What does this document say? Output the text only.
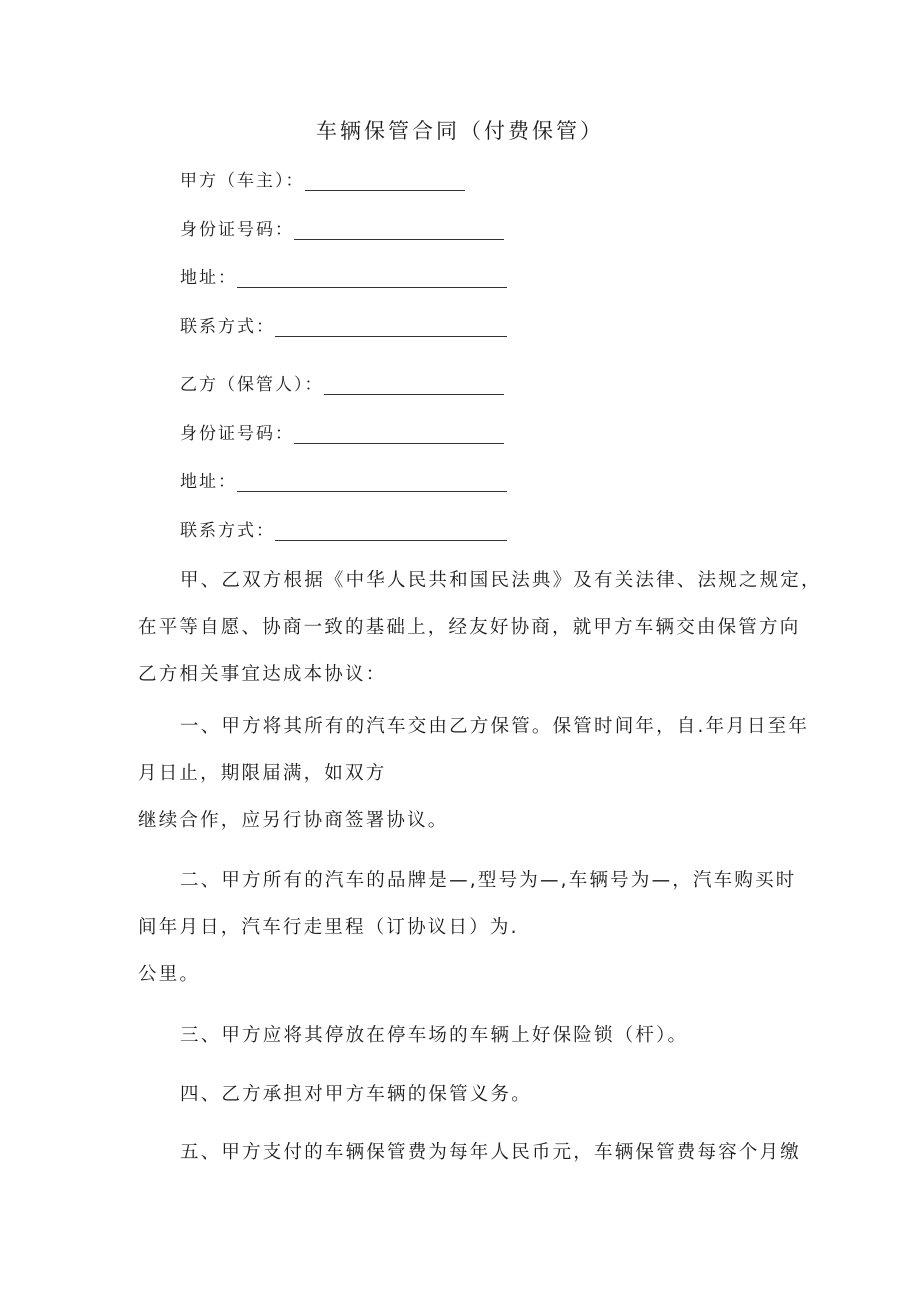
车辆保管合同（付费保管）
甲方（车主）：
身份证号码：
地址：
联系方式：
乙方（保管人）：
身份证号码：
地址：
联系方式：
甲、乙双方根据《中华人民共和国民法典》及有关法律、法规之规定，
在平等自愿、协商一致的基础上，经友好协商，就甲方车辆交由保管方向
乙方相关事宜达成本协议：
一、甲方将其所有的汽车交由乙方保管。保管时间年，自.年月日至年
月日止，期限届满，如双方
继续合作，应另行协商签署协议。
二、甲方所有的汽车的品牌是—,型号为—,车辆号为—，汽车购买时
间年月日，汽车行走里程（订协议日）为.
公里。
三、甲方应将其停放在停车场的车辆上好保险锁（杆）。
四、乙方承担对甲方车辆的保管义务。
五、甲方支付的车辆保管费为每年人民币元，车辆保管费每容个月缴
